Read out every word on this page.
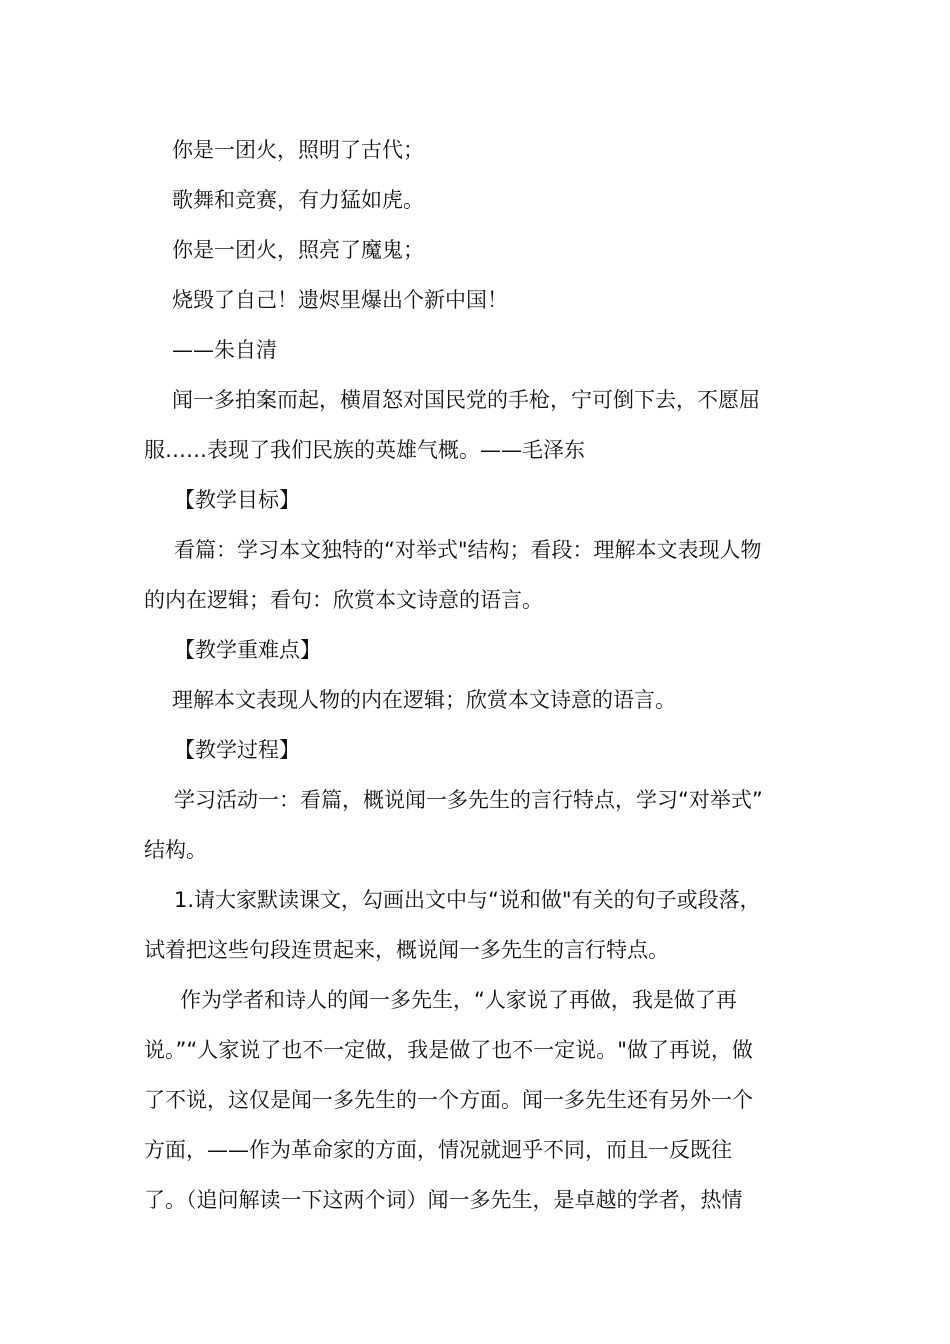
你是一团火，照明了古代；
歌舞和竞赛，有力猛如虎。
你是一团火，照亮了魔鬼；
烧毁了自己！遗烬里爆出个新中国！
——朱自清
闻一多拍案而起，横眉怒对国民党的手枪，宁可倒下去，不愿屈
服……表现了我们民族的英雄气概。——毛泽东
【教学目标】
看篇：学习本文独特的“对举式"结构；看段：理解本文表现人物
的内在逻辑；看句：欣赏本文诗意的语言。
【教学重难点】
理解本文表现人物的内在逻辑；欣赏本文诗意的语言。
【教学过程】
学习活动一：看篇，概说闻一多先生的言行特点，学习“对举式”
结构。
1.请大家默读课文，勾画出文中与“说和做"有关的句子或段落，
试着把这些句段连贯起来，概说闻一多先生的言行特点。
作为学者和诗人的闻一多先生，“人家说了再做，我是做了再
说。”“人家说了也不一定做，我是做了也不一定说。"做了再说，做
了不说，这仅是闻一多先生的一个方面。闻一多先生还有另外一个
方面，——作为革命家的方面，情况就迥乎不同，而且一反既往
了。（追问解读一下这两个词）闻一多先生，是卓越的学者，热情
